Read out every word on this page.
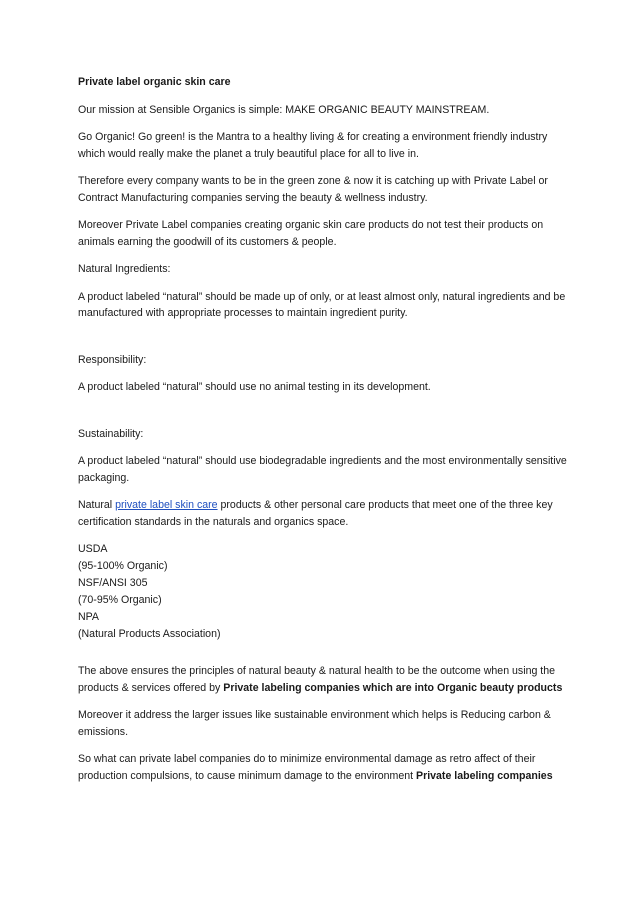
Private label organic skin care

Our mission at Sensible Organics is simple: MAKE ORGANIC BEAUTY MAINSTREAM.

Go Organic! Go green! is the Mantra to a healthy living & for creating a environment friendly industry which would really make the planet a truly beautiful place for all to live in.

Therefore every company wants to be in the green zone & now it is catching up with Private Label or Contract Manufacturing companies serving the beauty & wellness industry.

Moreover Private Label companies creating organic skin care products do not test their products on animals earning the goodwill of its customers & people.

Natural Ingredients:

A product labeled “natural” should be made up of only, or at least almost only, natural ingredients and be manufactured with appropriate processes to maintain ingredient purity.

Responsibility:

A product labeled “natural” should use no animal testing in its development.

Sustainability:

A product labeled “natural” should use biodegradable ingredients and the most environmentally sensitive packaging.

Natural private label skin care products & other personal care products that meet one of the three key certification standards in the naturals and organics space.

USDA
(95-100% Organic)
NSF/ANSI 305
(70-95% Organic)
NPA
(Natural Products Association)

The above ensures the principles of natural beauty & natural health to be the outcome when using the products & services offered by Private labeling companies which are into Organic beauty products

Moreover it address the larger issues like sustainable environment which helps is Reducing carbon & emissions.

So what can private label companies do to minimize environmental damage as retro affect of their production compulsions, to cause minimum damage to the environment Private labeling companies
